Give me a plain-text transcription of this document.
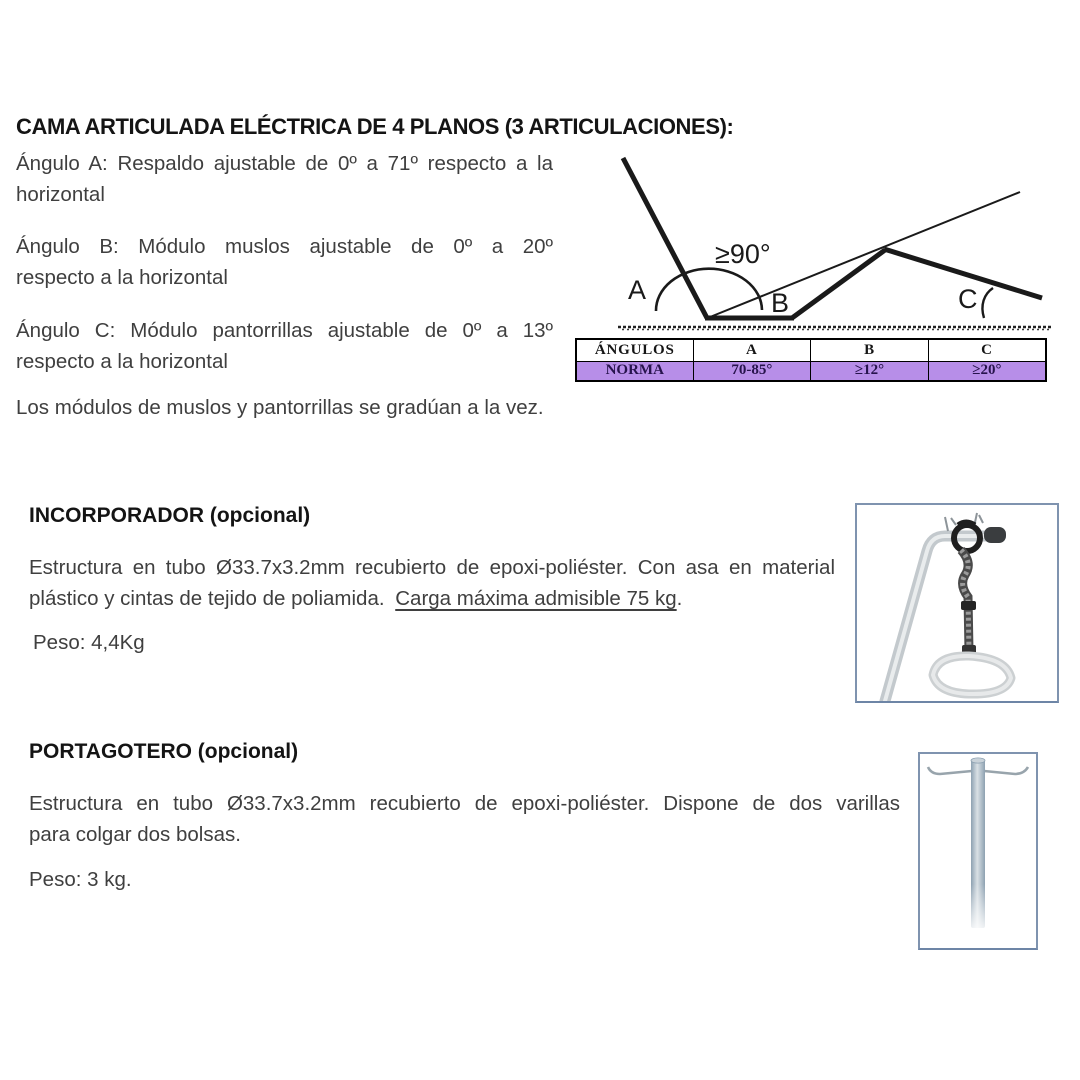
CAMA ARTICULADA ELÉCTRICA DE 4 PLANOS (3 ARTICULACIONES):
Ángulo A: Respaldo ajustable de 0º a 71º respecto a la
horizontal
Ángulo B: Módulo muslos ajustable de 0º a 20º
respecto a la horizontal
Ángulo C: Módulo pantorrillas ajustable de 0º a 13º
respecto a la horizontal
Los módulos de muslos y pantorrillas se gradúan a la vez.
A
≥90°
B	C
ÁNGULOS	A	B	C
NORMA	70-85°	≥12°	≥20°
INCORPORADOR (opcional)
Estructura en tubo Ø33.7x3.2mm recubierto de epoxi-poliéster. Con asa en material
plástico y cintas de tejido de poliamida. Carga máxima admisible 75 kg.
Peso: 4,4Kg
PORTAGOTERO (opcional)
Estructura en tubo Ø33.7x3.2mm recubierto de epoxi-poliéster. Dispone de dos varillas
para colgar dos bolsas.
Peso: 3 kg.
